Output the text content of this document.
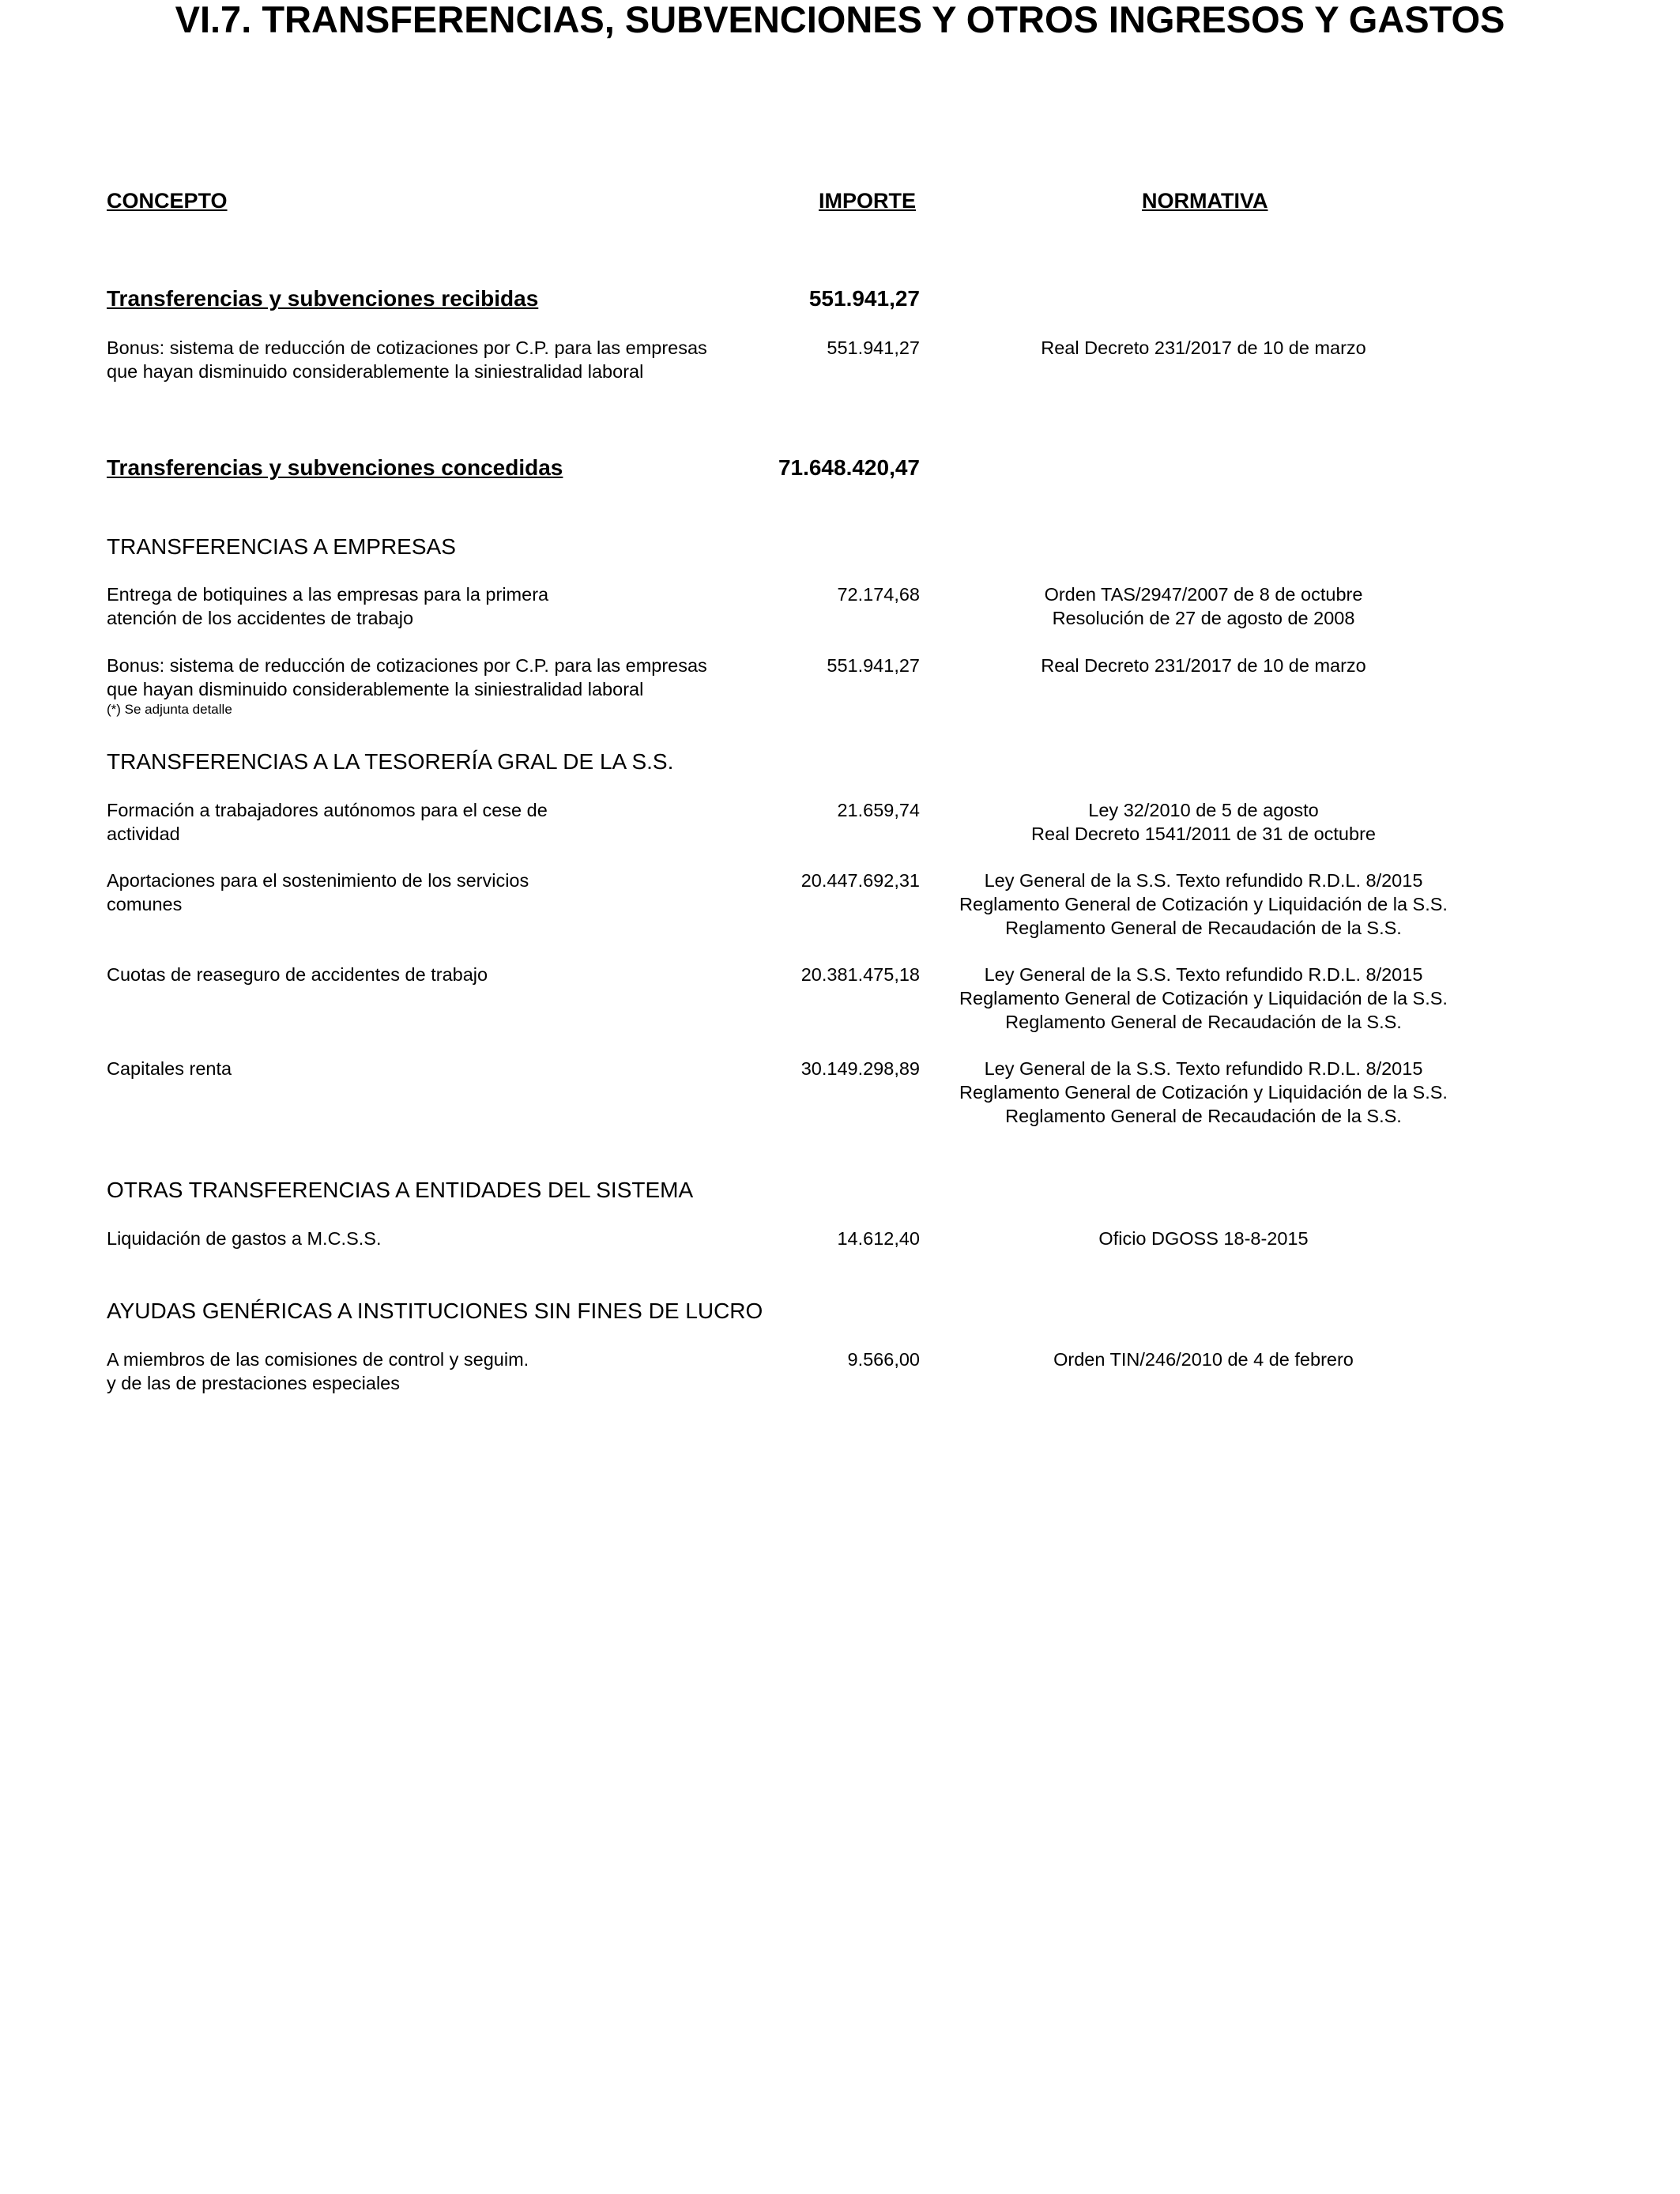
VI.7. TRANSFERENCIAS, SUBVENCIONES Y OTROS INGRESOS Y GASTOS
CONCEPTO	IMPORTE	NORMATIVA
Transferencias y subvenciones recibidas	551.941,27
Bonus: sistema de reducción de cotizaciones por C.P. para las empresas
que hayan disminuido considerablemente la siniestralidad laboral
551.941,27	Real Decreto 231/2017 de 10 de marzo
Transferencias y subvenciones concedidas	71.648.420,47
TRANSFERENCIAS A EMPRESAS
Entrega de botiquines a las empresas para la primera
atención de los accidentes de trabajo
72.174,68	Orden TAS/2947/2007 de 8 de octubre
Resolución de 27 de agosto de 2008
Bonus: sistema de reducción de cotizaciones por C.P. para las empresas
que hayan disminuido considerablemente la siniestralidad laboral
(*) Se adjunta detalle
551.941,27	Real Decreto 231/2017 de 10 de marzo
TRANSFERENCIAS A LA TESORERÍA GRAL DE LA S.S.
Formación a trabajadores autónomos para el cese de
actividad
21.659,74	Ley 32/2010 de 5 de agosto
Real Decreto 1541/2011 de 31 de octubre
Aportaciones para el sostenimiento de los servicios
comunes
20.447.692,31	Ley General de la S.S. Texto refundido R.D.L. 8/2015
Reglamento General de Cotización y Liquidación de la S.S.
Reglamento General de Recaudación de la S.S.
Cuotas de reaseguro de accidentes de trabajo	20.381.475,18	Ley General de la S.S. Texto refundido R.D.L. 8/2015
Reglamento General de Cotización y Liquidación de la S.S.
Reglamento General de Recaudación de la S.S.
Capitales renta	30.149.298,89	Ley General de la S.S. Texto refundido R.D.L. 8/2015
Reglamento General de Cotización y Liquidación de la S.S.
Reglamento General de Recaudación de la S.S.
OTRAS TRANSFERENCIAS A ENTIDADES DEL SISTEMA
Liquidación de gastos a M.C.S.S.	14.612,40	Oficio DGOSS 18-8-2015
AYUDAS GENÉRICAS A INSTITUCIONES SIN FINES DE LUCRO
A miembros de las comisiones de control y seguim.
y de las de prestaciones especiales
9.566,00	Orden TIN/246/2010 de 4 de febrero
